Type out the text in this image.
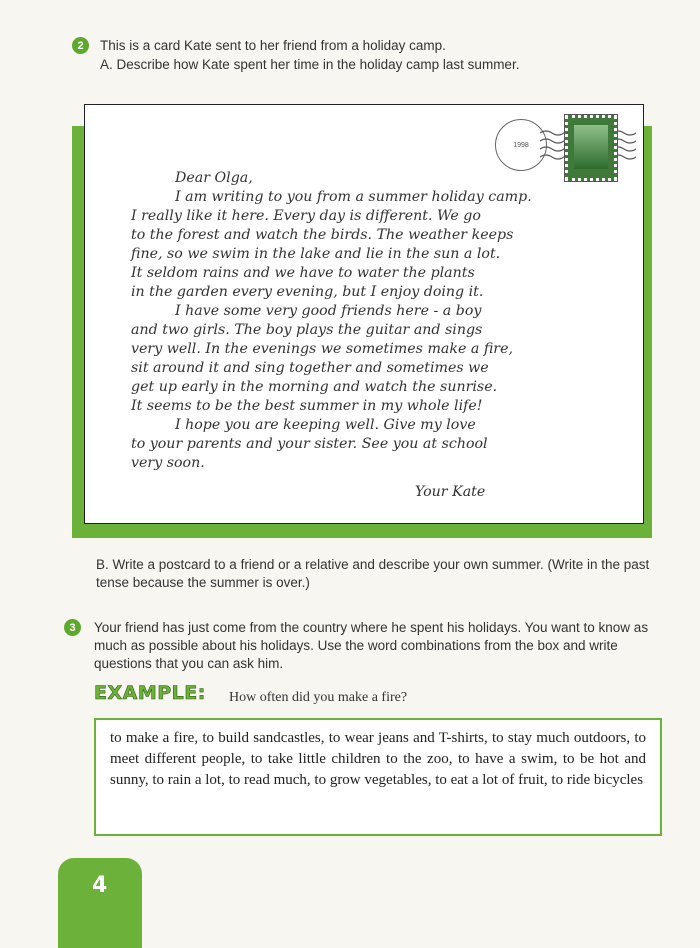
2	This is a card Kate sent to her friend from a holiday camp.
A. Describe how Kate spent her time in the holiday camp last summer.
1998
Dear Olga,
I am writing to you from a summer holiday camp.
I really like it here. Every day is different. We go
to the forest and watch the birds. The weather keeps
fine, so we swim in the lake and lie in the sun a lot.
It seldom rains and we have to water the plants
in the garden every evening, but I enjoy doing it.
I have some very good friends here - a boy
and two girls. The boy plays the guitar and sings
very well. In the evenings we sometimes make a fire,
sit around it and sing together and sometimes we
get up early in the morning and watch the sunrise.
It seems to be the best summer in my whole life!
I hope you are keeping well. Give my love
to your parents and your sister. See you at school
very soon.
Your Kate
B. Write a postcard to a friend or a relative and describe your own summer. (Write in the past tense because the summer is over.)
3	Your friend has just come from the country where he spent his holidays. You want to know as much as possible about his holidays. Use the word combinations from the box and write questions that you can ask him.
EXAMPLE: How often did you make a fire?
to make a fire, to build sandcastles, to wear jeans and T-shirts, to stay much outdoors, to meet different people, to take little children to the zoo, to have a swim, to be hot and sunny, to rain a lot, to read much, to grow vegetables, to eat a lot of fruit, to ride bicycles
4
